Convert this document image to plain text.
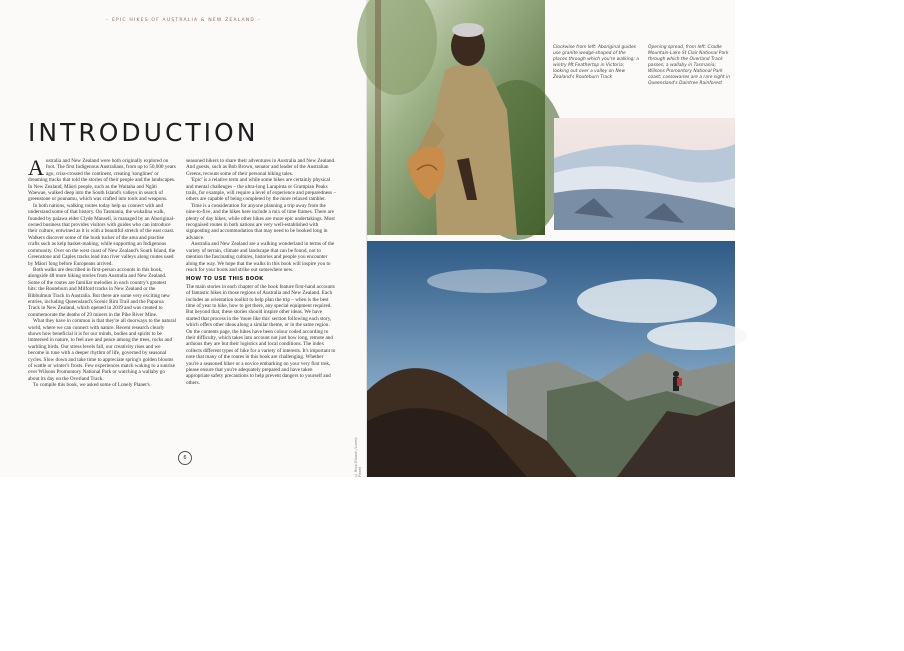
– EPIC HIKES OF AUSTRALIA & NEW ZEALAND –
INTRODUCTION

Australia and New Zealand were both originally explored on foot. The first Indigenous Australians, from up to 50,000 years ago, criss-crossed the continent, creating 'songlines' or dreaming tracks that told the stories of their people and the landscapes. In New Zealand, Māori people, such as the Waitaha and Ngāti Waewae, walked deep into the South Island's valleys in search of greenstone or pounamu, which was crafted into tools and weapons.

In both nations, walking routes today help us connect with and understand some of that history. On Tasmania, the wukalina walk, founded by palawa elder Clyde Mansell, is managed by an Aboriginal-owned business that provides visitors with guides who can introduce their culture, entwined as it is with a beautiful stretch of the east coast. Walkers discover some of the bush tucker of the area and practise crafts such as kelp basket-making, while supporting an Indigenous community. Over on the west coast of New Zealand's South Island, the Greenstone and Caples tracks lead into river valleys along routes used by Māori long before Europeans arrived.

Both walks are described in first-person accounts in this book, alongside 48 more hiking stories from Australia and New Zealand. Some of the routes are familiar melodies in each country's greatest hits: the Routeburn and Milford tracks in New Zealand or the Bibbulmun Track in Australia. But there are some very exciting new entries, including Queensland's Scenic Rim Trail and the Paparoa Track in New Zealand, which opened in 2019 and was created to commemorate the deaths of 29 miners in the Pike River Mine.

What they have in common is that they're all doorways to the natural world, where we can connect with nature. Recent research clearly shows how beneficial it is for our minds, bodies and spirits to be immersed in nature, to feel awe and peace among the trees, rocks and warbling birds. Our stress levels fall, our creativity rises and we become in tune with a deeper rhythm of life, governed by seasonal cycles. Slow down and take time to appreciate spring's golden blooms of wattle or winter's frosts. Few experiences match waking to a sunrise over Wilsons Promontory National Park or watching a wallaby go about its day on the Overland Track.

To compile this book, we asked some of Lonely Planet's

seasoned hikers to share their adventures in Australia and New Zealand. And guests, such as Bob Brown, senator and leader of the Australian Greens, recount some of their personal hiking tales.

'Epic' is a relative term and while some hikes are certainly physical and mental challenges – the ultra-long Larapinta or Grampian Peaks trails, for example, will require a level of experience and preparedness – others are capable of being completed by the more relaxed rambler.

Time is a consideration for anyone planning a trip away from the nine-to-five, and the hikes here include a mix of time frames. There are plenty of day hikes, while other hikes are more epic undertakings. Most recognised routes in both nations are very well-established with signposting and accommodation that may need to be booked long in advance.

Australia and New Zealand are a walking wonderland in terms of the variety of terrain, climate and landscape that can be found, not to mention the fascinating cultures, histories and people you encounter along the way. We hope that the walks in this book will inspire you to reach for your boots and strike out somewhere new.

HOW TO USE THIS BOOK

The main stories in each chapter of the book feature first-hand accounts of fantastic hikes in those regions of Australia and New Zealand. Each includes an orientation toolkit to help plan the trip – when is the best time of year to hike, how to get there, any special equipment required. But beyond that, these stories should inspire other ideas. We have started that process in the 'more like this' section following each story, which offers other ideas along a similar theme, or in the same region. On the contents page, the hikes have been colour coded according to their difficulty, which takes into account not just how long, remote and arduous they are but their logistics and local conditions. The index collects different types of hike for a variety of interests. It's important to note that many of the routes in this book are challenging. Whether you're a seasoned hiker or a novice embarking on your very first trek, please ensure that you're adequately prepared and have taken appropriate safety precautions to help prevent dangers to yourself and others.

6	© Rosa D'Aaron / Lonely Planet
© Matt Munro / Lonely Planet
Clockwise from left: Aboriginal guides use granite wedge-shaped of the places through which you're walking; a wintry Mt Feathertop in Victoria; looking out over a valley on New Zealand's Routeburn Track
Opening spread, from left: Cradle Mountain-Lake St Clair National Park through which the Overland Track passes; a wallaby in Tasmania; Wilsons Promontory National Park coast; cassowaries are a rare sight in Queensland's Daintree Rainforest
© Gina Cole / Lonely Planet
